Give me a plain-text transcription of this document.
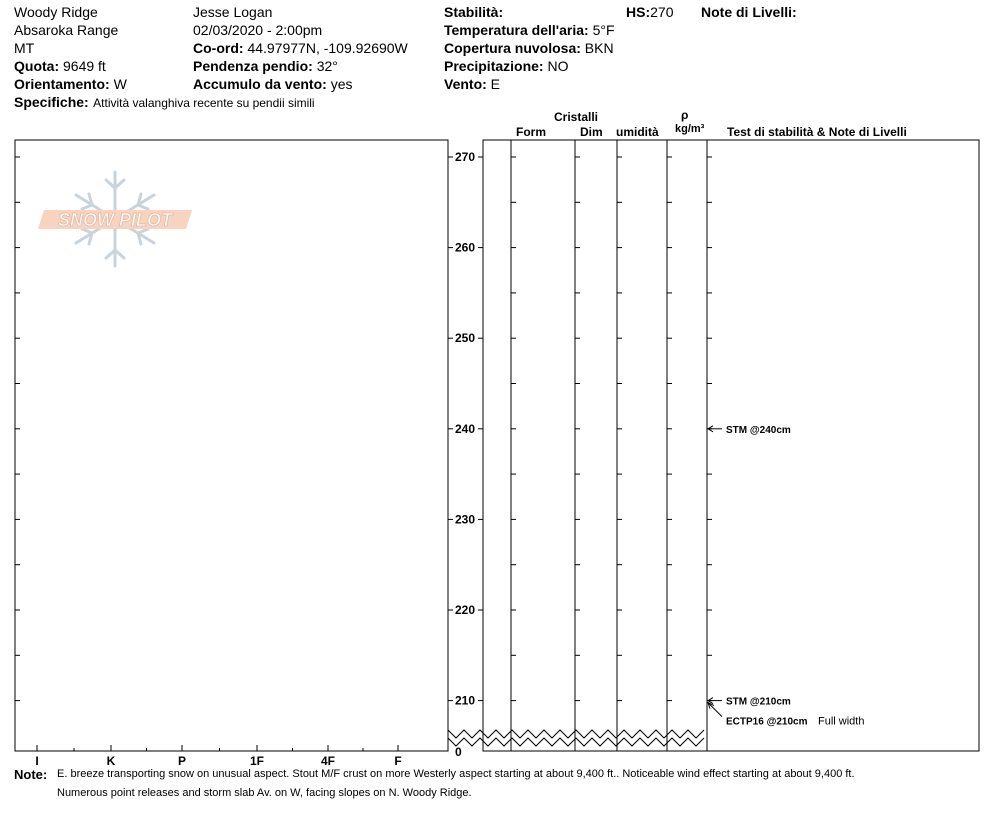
Woody Ridge
Absaroka Range
MT
Quota: 9649 ft
Orientamento: W
Specifiche: Attività valanghiva recente su pendii simili
Jesse Logan
02/03/2020 - 2:00pm
Co-ord: 44.97977N, -109.92690W
Pendenza pendio: 32°
Accumulo da vento: yes
Stabilità:
Temperatura dell'aria: 5°F
Copertura nuvolosa: BKN
Precipitazione: NO
Vento: E
HS:270 Note di Livelli:
Cristalli
Form	Dim umidità
ρ
kg/m³ Test di stabilità & Note di Livelli
SNOW PILOT
I	K	P	1F	4F	F
270
260
250
240
230
220
210
0
STM @240cm
STM @210cm
ECTP16 @210cm Full width
Note: E. breeze transporting snow on unusual aspect. Stout M/F crust on more Westerly aspect starting at about 9,400 ft.. Noticeable wind effect starting at about 9,400 ft.
Numerous point releases and storm slab Av. on W, facing slopes on N. Woody Ridge.
